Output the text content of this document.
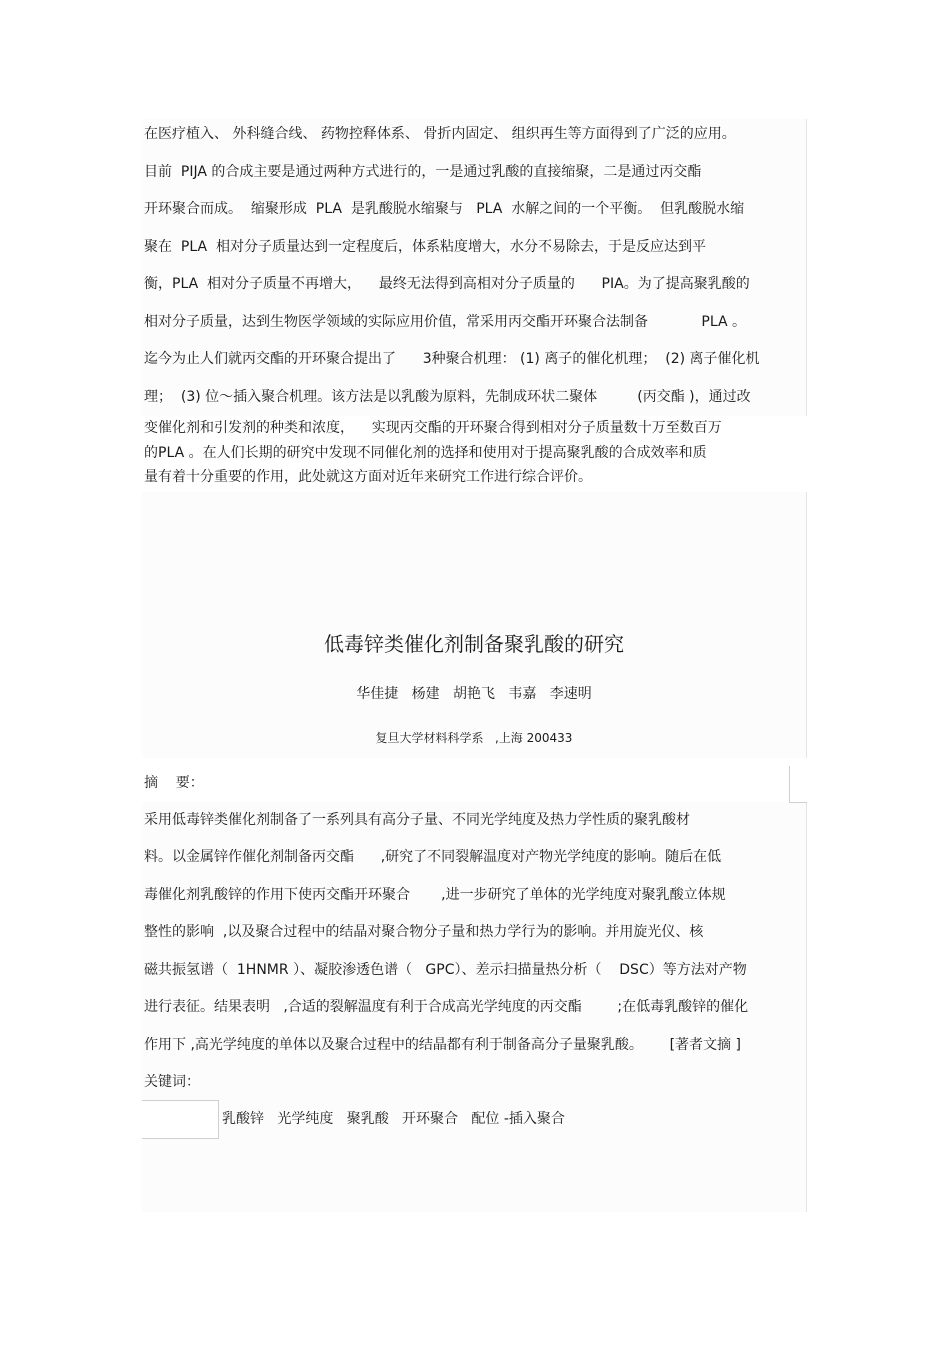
在医疗植入、 外科缝合线、 药物控释体系、 骨折内固定、 组织再生等方面得到了广泛的应用。

目前  PIJA 的合成主要是通过两种方式进行的，一是通过乳酸的直接缩聚，二是通过丙交酯

开环聚合而成。  缩聚形成  PLA  是乳酸脱水缩聚与   PLA  水解之间的一个平衡。  但乳酸脱水缩

聚在  PLA  相对分子质量达到一定程度后，体系粘度增大，水分不易除去，于是反应达到平

衡，PLA  相对分子质量不再增大，    最终无法得到高相对分子质量的      PIA。为了提高聚乳酸的

相对分子质量，达到生物医学领域的实际应用价值，常采用丙交酯开环聚合法制备            PLA 。

迄今为止人们就丙交酯的开环聚合提出了      3种聚合机理： (1) 离子的催化机理；  (2) 离子催化机

理；  (3) 位～插入聚合机理。该方法是以乳酸为原料，先制成环状二聚体         (丙交酯 )，通过改

变催化剂和引发剂的种类和浓度，    实现丙交酯的开环聚合得到相对分子质量数十万至数百万

的PLA 。在人们长期的研究中发现不同催化剂的选择和使用对于提高聚乳酸的合成效率和质

量有着十分重要的作用，此处就这方面对近年来研究工作进行综合评价。

低毒锌类催化剂制备聚乳酸的研究
华佳捷   杨建   胡艳飞   韦嘉   李速明
复旦大学材料科学系   ,上海 200433

摘    要：

采用低毒锌类催化剂制备了一系列具有高分子量、不同光学纯度及热力学性质的聚乳酸材

料。以金属锌作催化剂制备丙交酯      ,研究了不同裂解温度对产物光学纯度的影响。随后在低

毒催化剂乳酸锌的作用下使丙交酯开环聚合       ,进一步研究了单体的光学纯度对聚乳酸立体规

整性的影响  ,以及聚合过程中的结晶对聚合物分子量和热力学行为的影响。并用旋光仪、核

磁共振氢谱（  1HNMR ）、凝胶渗透色谱（   GPC）、差示扫描量热分析（    DSC）等方法对产物

进行表征。结果表明   ,合适的裂解温度有利于合成高光学纯度的丙交酯        ;在低毒乳酸锌的催化

作用下 ,高光学纯度的单体以及聚合过程中的结晶都有利于制备高分子量聚乳酸。      [著者文摘 ]

关键词：

乳酸锌   光学纯度   聚乳酸   开环聚合   配位 -插入聚合
